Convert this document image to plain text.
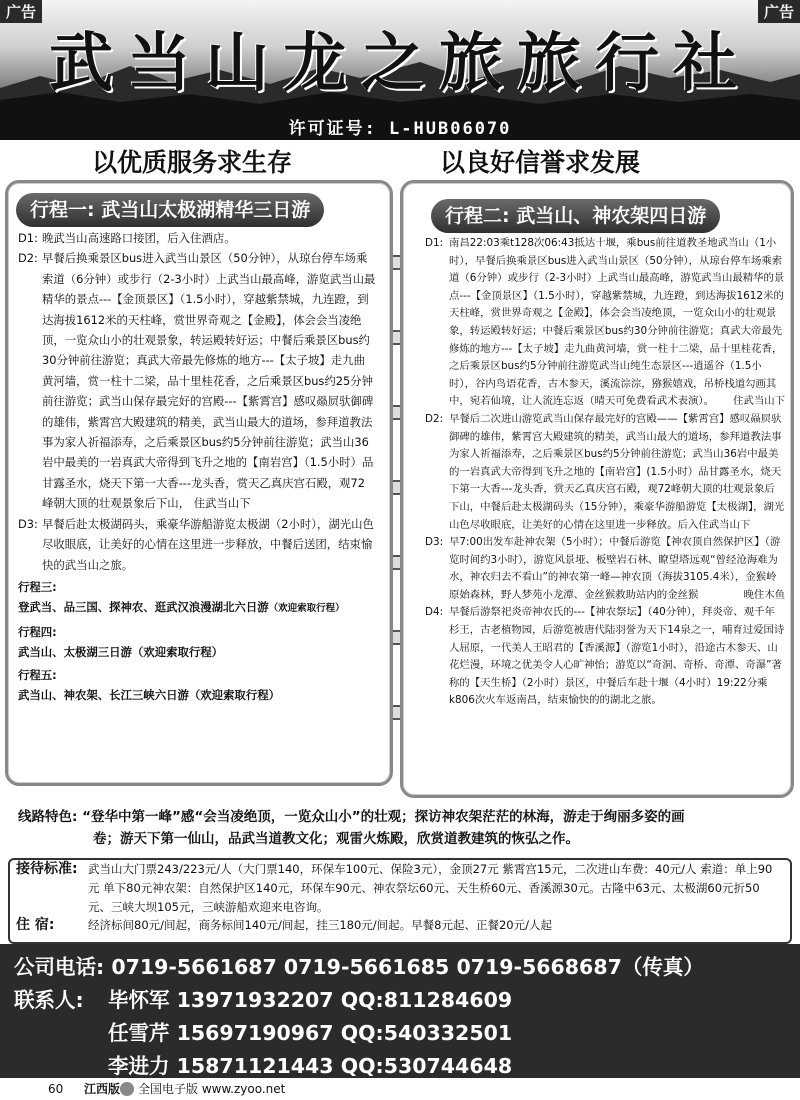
武当山龙之旅旅行社
广告	广告
许可证号: L-HUB06070
以优质服务求生存	以良好信誉求发展
行程一: 武当山太极湖精华三日游
D1: 晚武当山高速路口接团，后入住酒店。
D2: 早餐后换乘景区bus进入武当山景区（50分钟），从琼台停车场乘索道（6分钟）或步行（2-3小时）上武当山最高峰，游览武当山最精华的景点---【金顶景区】（1.5小时），穿越紫禁城，九连蹬，到达海拔1612米的天柱峰，赏世界奇观之【金殿】，体会会当凌绝顶，一览众山小的壮观景象，转运殿转好运；中餐后乘景区bus约30分钟前往游览；真武大帝最先修炼的地方---【太子坡】走九曲黄河墙，赏一柱十二梁，品十里桂花香，之后乘景区bus约25分钟前往游览；武当山保存最完好的宫殿---【紫霄宫】感叹赑屃驮御碑的雄伟，紫霄宫大殿建筑的精美，武当山最大的道场，参拜道教法事为家人祈福添寿，之后乘景区bus约5分钟前往游览；武当山36岩中最美的一岩真武大帝得到飞升之地的【南岩宫】（1.5小时）品甘露圣水，烧天下第一大香---龙头香，赏天乙真庆宫石殿，观72峰朝大顶的壮观景象后下山， 住武当山下
D3: 早餐后赴太极湖码头，乘豪华游船游览太极湖（2小时），湖光山色尽收眼底，让美好的心情在这里进一步释放，中餐后送团，结束愉快的武当山之旅。
行程三:
登武当、品三国、探神农、逛武汉浪漫湖北六日游（欢迎索取行程）
行程四:
武当山、太极湖三日游（欢迎索取行程）
行程五:
武当山、神农架、长江三峡六日游（欢迎索取行程）
行程二: 武当山、神农架四日游
D1: 南昌22:03乘t128次06:43抵达十堰，乘bus前往道教圣地武当山（1小时），早餐后换乘景区bus进入武当山景区（50分钟），从琼台停车场乘索道（6分钟）或步行（2-3小时）上武当山最高峰，游览武当山最精华的景点---【金顶景区】（1.5小时），穿越紫禁城，九连蹬，到达海拔1612米的天柱峰，赏世界奇观之【金殿】，体会会当凌绝顶，一览众山小的壮观景象，转运殿转好运；中餐后乘景区bus约30分钟前往游览；真武大帝最先修炼的地方---【太子坡】走九曲黄河墙，赏一柱十二梁，品十里桂花香，之后乘景区bus约5分钟前往游览武当山纯生态景区---逍遥谷（1.5小时），谷内鸟语花香，古木参天，溪流淙淙，猕猴嬉戏，吊桥栈道勾画其中，宛若仙境，让人流连忘返（晴天可免费看武术表演）。 住武当山下
D2: 早餐后二次进山游览武当山保存最完好的宫殿——【紫霄宫】感叹赑屃驮御碑的雄伟，紫霄宫大殿建筑的精美，武当山最大的道场，参拜道教法事为家人祈福添寿，之后乘景区bus约5分钟前往游览；武当山36岩中最美的一岩真武大帝得到飞升之地的【南岩宫】(1.5小时）品甘露圣水，烧天下第一大香---龙头香，赏天乙真庆宫石殿，观72峰朝大顶的壮观景象后下山，中餐后赴太极湖码头（15分钟），乘豪华游船游览【太极湖】，湖光山色尽收眼底，让美好的心情在这里进一步释放。后入住武当山下
D3: 早7:00出发车赴神农架（5小时）；中餐后游览【神农顶自然保护区】（游览时间约3小时），游览风景垭、板壁岩石林、瞭望塔远观“曾经沧海难为水，神农归去不看山”的神农第一峰—神农顶（海拔3105.4米），金猴岭原始森林，野人梦苑小龙潭、金丝猴救助站内的金丝猴	晚住木鱼
D4: 早餐后游祭祀炎帝神农氏的---【神农祭坛】（40分钟），拜炎帝、观千年杉王，古老植物园，后游览被唐代陆羽誉为天下14泉之一，哺育过爱国诗人屈原，一代美人王昭君的【香溪源】（游览1小时），沿途古木参天、山花烂漫，环境之优美令人心旷神怡；游览以“奇洞、奇桥、奇潭、奇瀑”著称的【天生桥】（2小时）景区，中餐后车赴十堰（4小时）19:22分乘k806次火车返南昌，结束愉快的的湖北之旅。
线路特色: “登华中第一峰”感“会当凌绝顶，一览众山小”的壮观；探访神农架茫茫的林海，游走于绚丽多姿的画
卷；游天下第一仙山，品武当道教文化；观雷火炼殿，欣赏道教建筑的恢弘之作。
接待标准: 武当山大门票243/223元/人（大门票140，环保车100元、保险3元），金顶27元 紫霄宫15元，二次进山车费：40元/人 索道：单上90元 单下80元神农架：自然保护区140元，环保车90元、神农祭坛60元、天生桥60元、香溪源30元。古隆中63元、太极湖60元折50元、三峡大坝105元，三峡游船欢迎来电咨询。
住 宿:	经济标间80元/间起，商务标间140元/间起，挂三180元/间起。早餐8元起、正餐20元/人起
公司电话: 0719-5661687 0719-5661685 0719-5668687（传真）
联系人: 毕怀军 13971932207 QQ:811284609
任雪芹 15697190967 QQ:540332501
李进力 15871121443 QQ:530744648
60 江西版 全国电子版 www.zyoo.net
